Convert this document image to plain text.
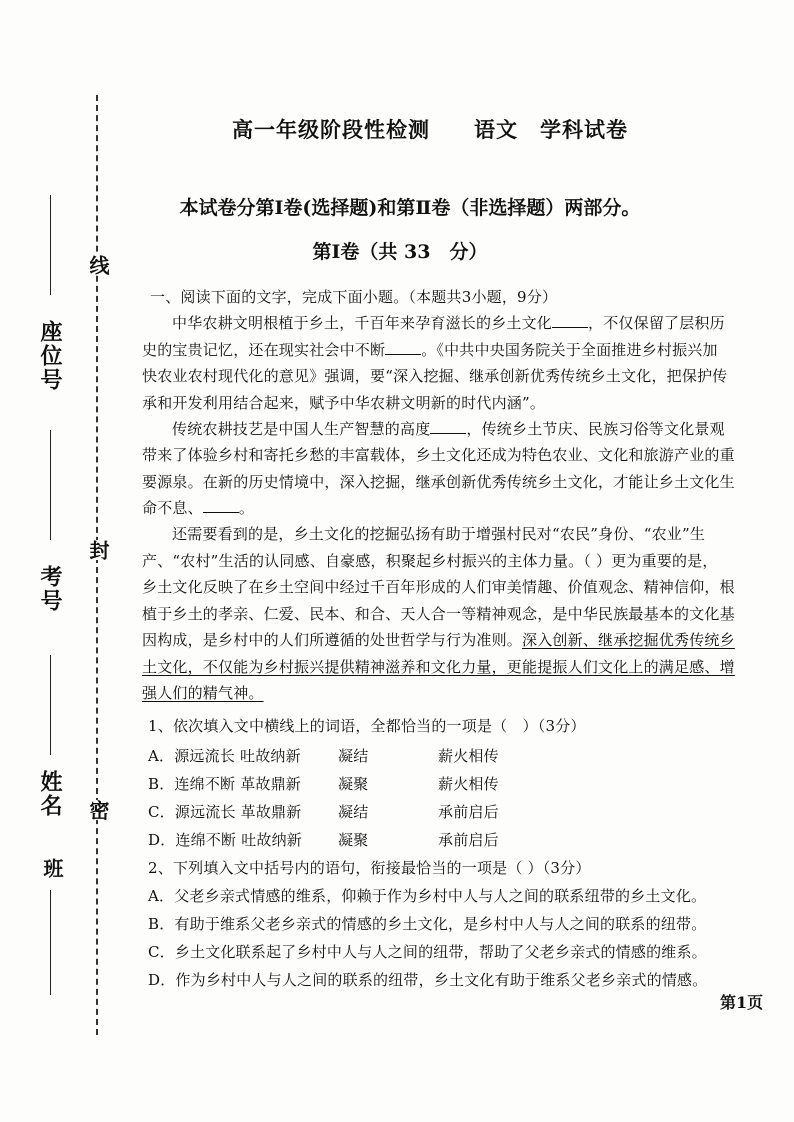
线
封
密
座位号
考号
姓名
班
高一年级阶段性检测　　语文　学科试卷
本试卷分第Ⅰ卷(选择题)和第Ⅱ卷（非选择题）两部分。
第Ⅰ卷（共 33　分）
一、阅读下面的文字，完成下面小题。（本题共3小题，9分）
中华农耕文明根植于乡土，千百年来孕育滋长的乡土文化 ，不仅保留了层积历
史的宝贵记忆，还在现实社会中不断 。《中共中央国务院关于全面推进乡村振兴加
快农业农村现代化的意见》强调，要“深入挖掘、继承创新优秀传统乡土文化，把保护传
承和开发利用结合起来，赋予中华农耕文明新的时代内涵”。
传统农耕技艺是中国人生产智慧的高度 ，传统乡土节庆、民族习俗等文化景观
带来了体验乡村和寄托乡愁的丰富载体，乡土文化还成为特色农业、文化和旅游产业的重
要源泉。在新的历史情境中，深入挖掘，继承创新优秀传统乡土文化，才能让乡土文化生
命不息、 。
还需要看到的是，乡土文化的挖掘弘扬有助于增强村民对“农民”身份、“农业”生
产、“农村”生活的认同感、自豪感，积聚起乡村振兴的主体力量。（ ）更为重要的是，
乡土文化反映了在乡土空间中经过千百年形成的人们审美情趣、价值观念、精神信仰，根
植于乡土的孝亲、仁爱、民本、和合、天人合一等精神观念，是中华民族最基本的文化基
因构成，是乡村中的人们所遵循的处世哲学与行为准则。深入创新、继承挖掘优秀传统乡
土文化，不仅能为乡村振兴提供精神滋养和文化力量，更能提振人们文化上的满足感、增
强人们的精气神。
1、依次填入文中横线上的词语，全都恰当的一项是（　）（3分）
A．源远流长 吐故纳新 凝结	薪火相传
B．连绵不断 革故鼎新 凝聚	薪火相传
C．源远流长 革故鼎新 凝结	承前启后
D．连绵不断 吐故纳新 凝聚	承前启后
2、下列填入文中括号内的语句，衔接最恰当的一项是（ ）（3分）
A．父老乡亲式情感的维系，仰赖于作为乡村中人与人之间的联系纽带的乡土文化。
B．有助于维系父老乡亲式的情感的乡土文化，是乡村中人与人之间的联系的纽带。
C．乡土文化联系起了乡村中人与人之间的纽带，帮助了父老乡亲式的情感的维系。
D．作为乡村中人与人之间的联系的纽带，乡土文化有助于维系父老乡亲式的情感。
第1页
